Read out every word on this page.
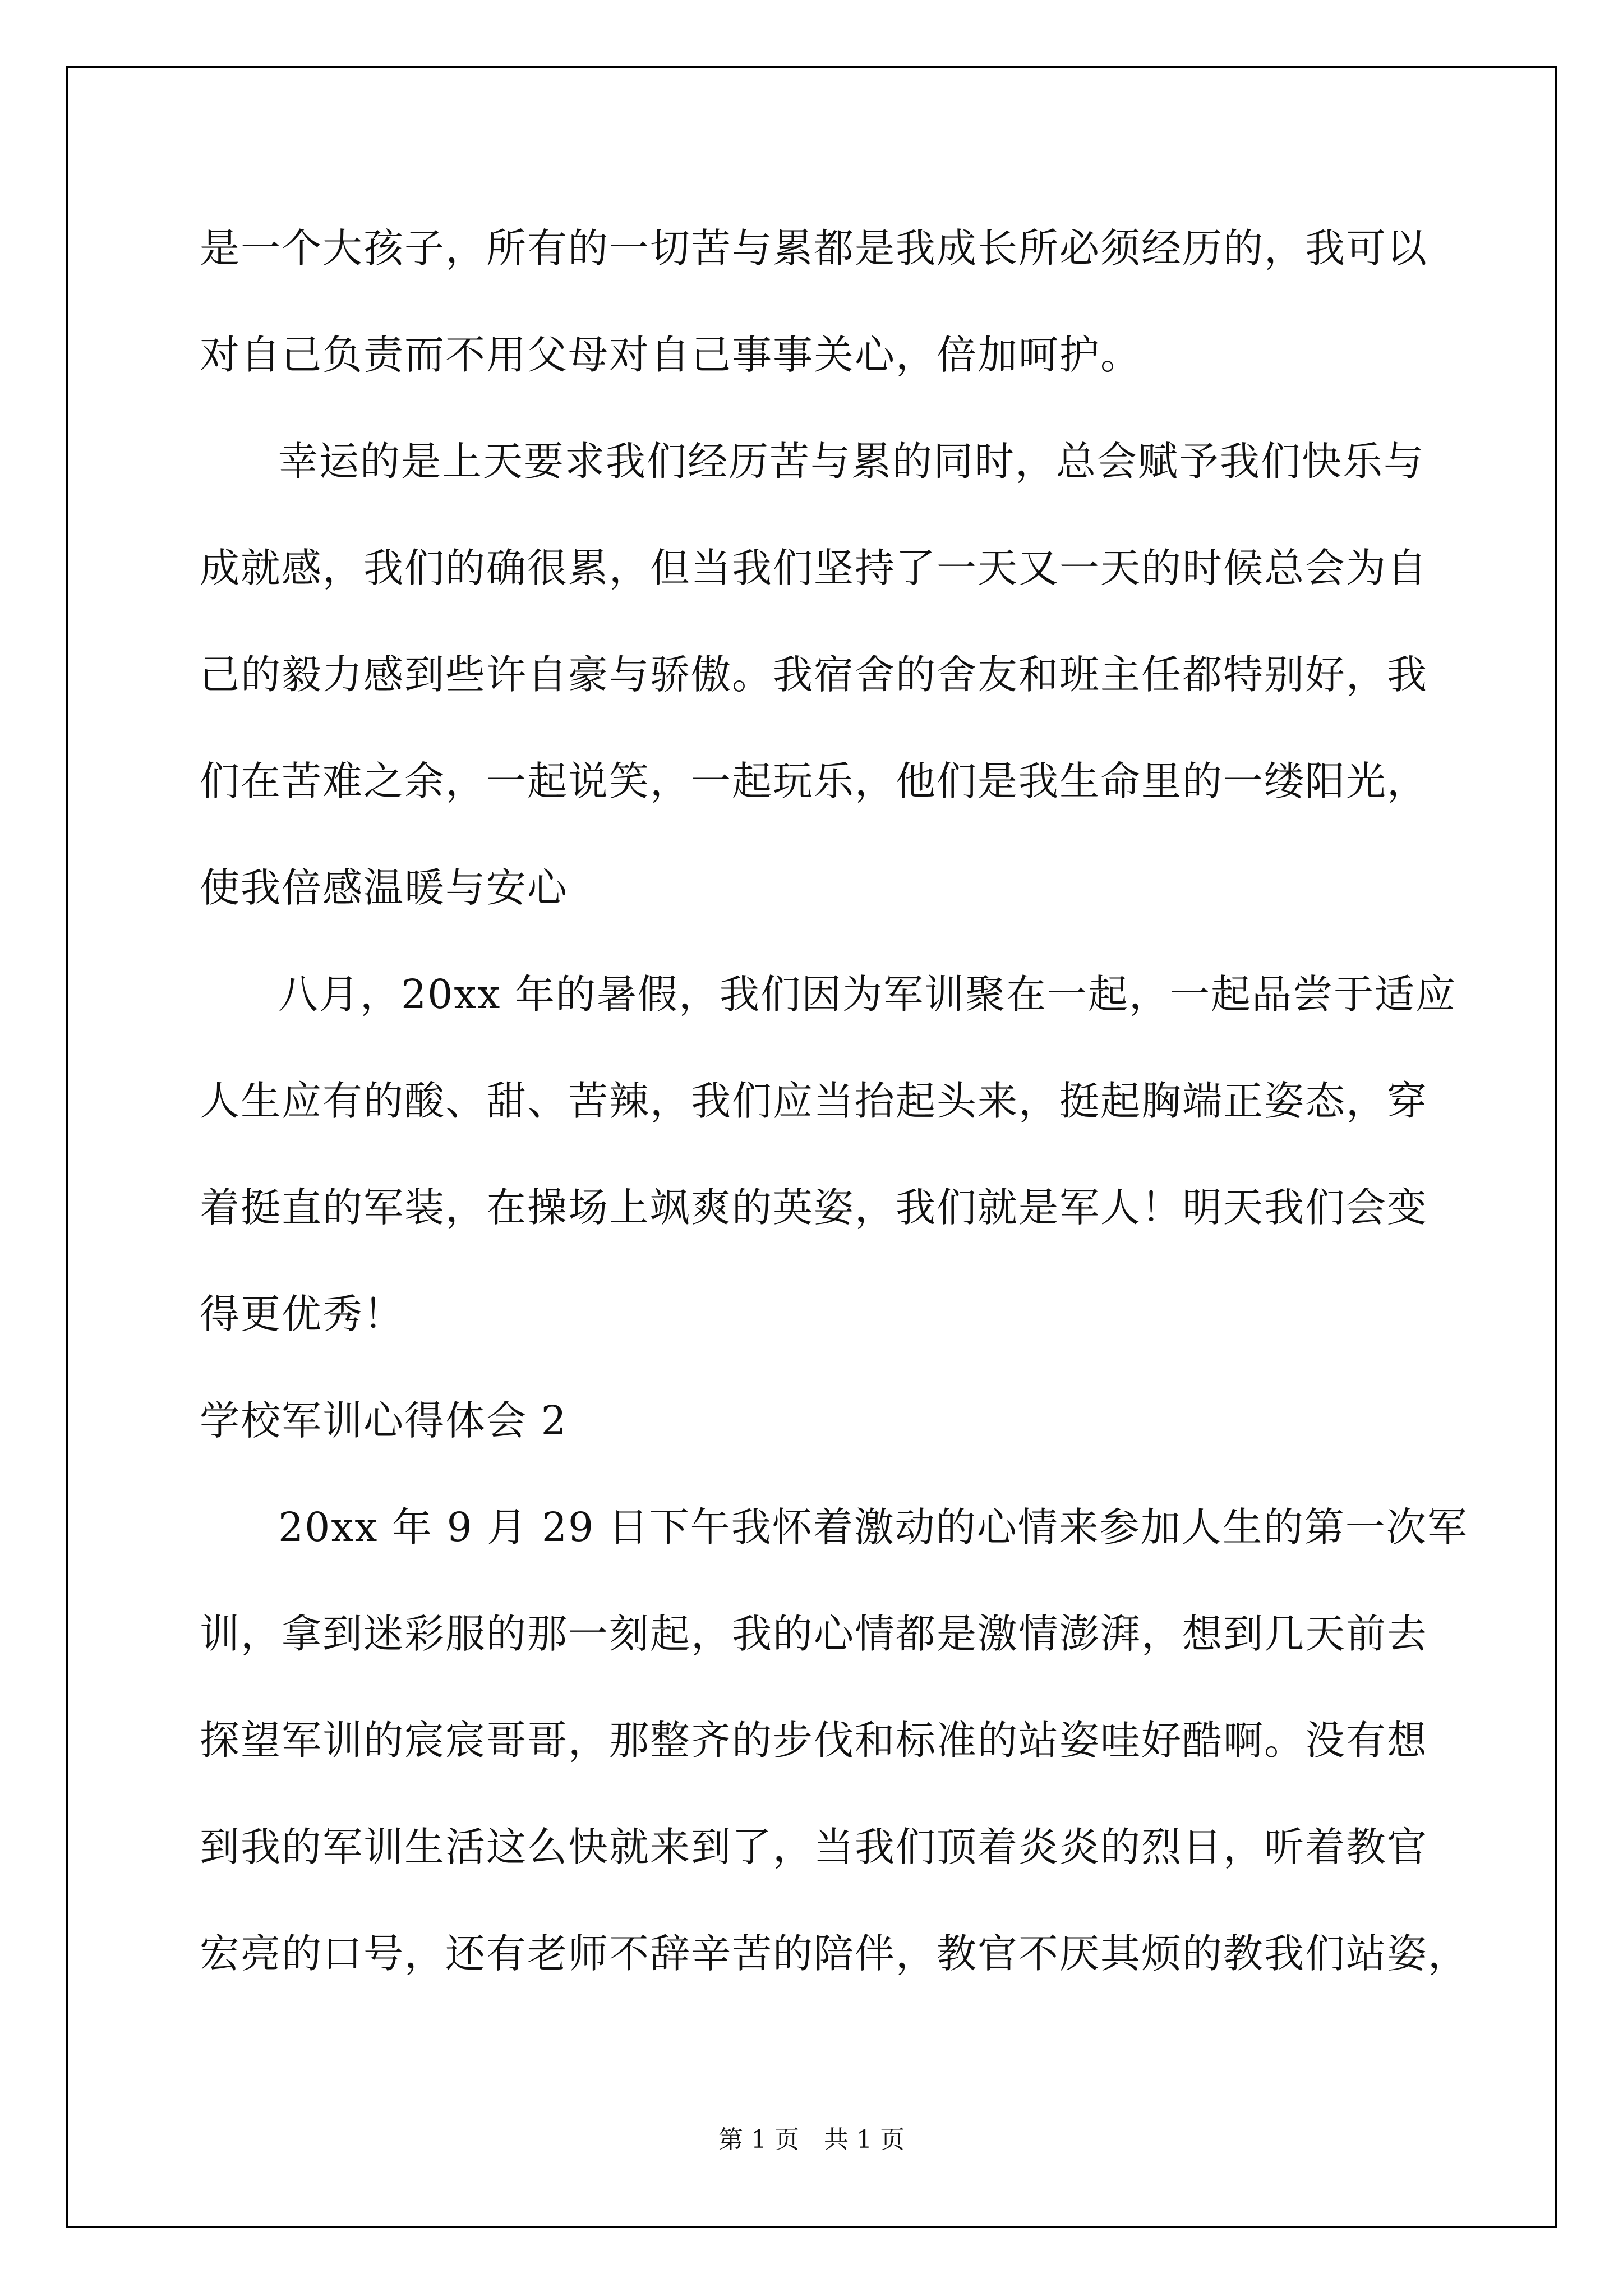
是一个大孩子，所有的一切苦与累都是我成长所必须经历的，我可以
对自己负责而不用父母对自己事事关心，倍加呵护。
幸运的是上天要求我们经历苦与累的同时，总会赋予我们快乐与
成就感，我们的确很累，但当我们坚持了一天又一天的时候总会为自
己的毅力感到些许自豪与骄傲。我宿舍的舍友和班主任都特别好，我
们在苦难之余，一起说笑，一起玩乐，他们是我生命里的一缕阳光，
使我倍感温暖与安心
八月，20xx 年的暑假，我们因为军训聚在一起，一起品尝于适应
人生应有的酸、甜、苦辣，我们应当抬起头来，挺起胸端正姿态，穿
着挺直的军装，在操场上飒爽的英姿，我们就是军人！明天我们会变
得更优秀！
学校军训心得体会 2
20xx 年 9 月 29 日下午我怀着激动的心情来参加人生的第一次军
训，拿到迷彩服的那一刻起，我的心情都是激情澎湃，想到几天前去
探望军训的宸宸哥哥，那整齐的步伐和标准的站姿哇好酷啊。没有想
到我的军训生活这么快就来到了，当我们顶着炎炎的烈日，听着教官
宏亮的口号，还有老师不辞辛苦的陪伴，教官不厌其烦的教我们站姿，
第 1 页　共 1 页
